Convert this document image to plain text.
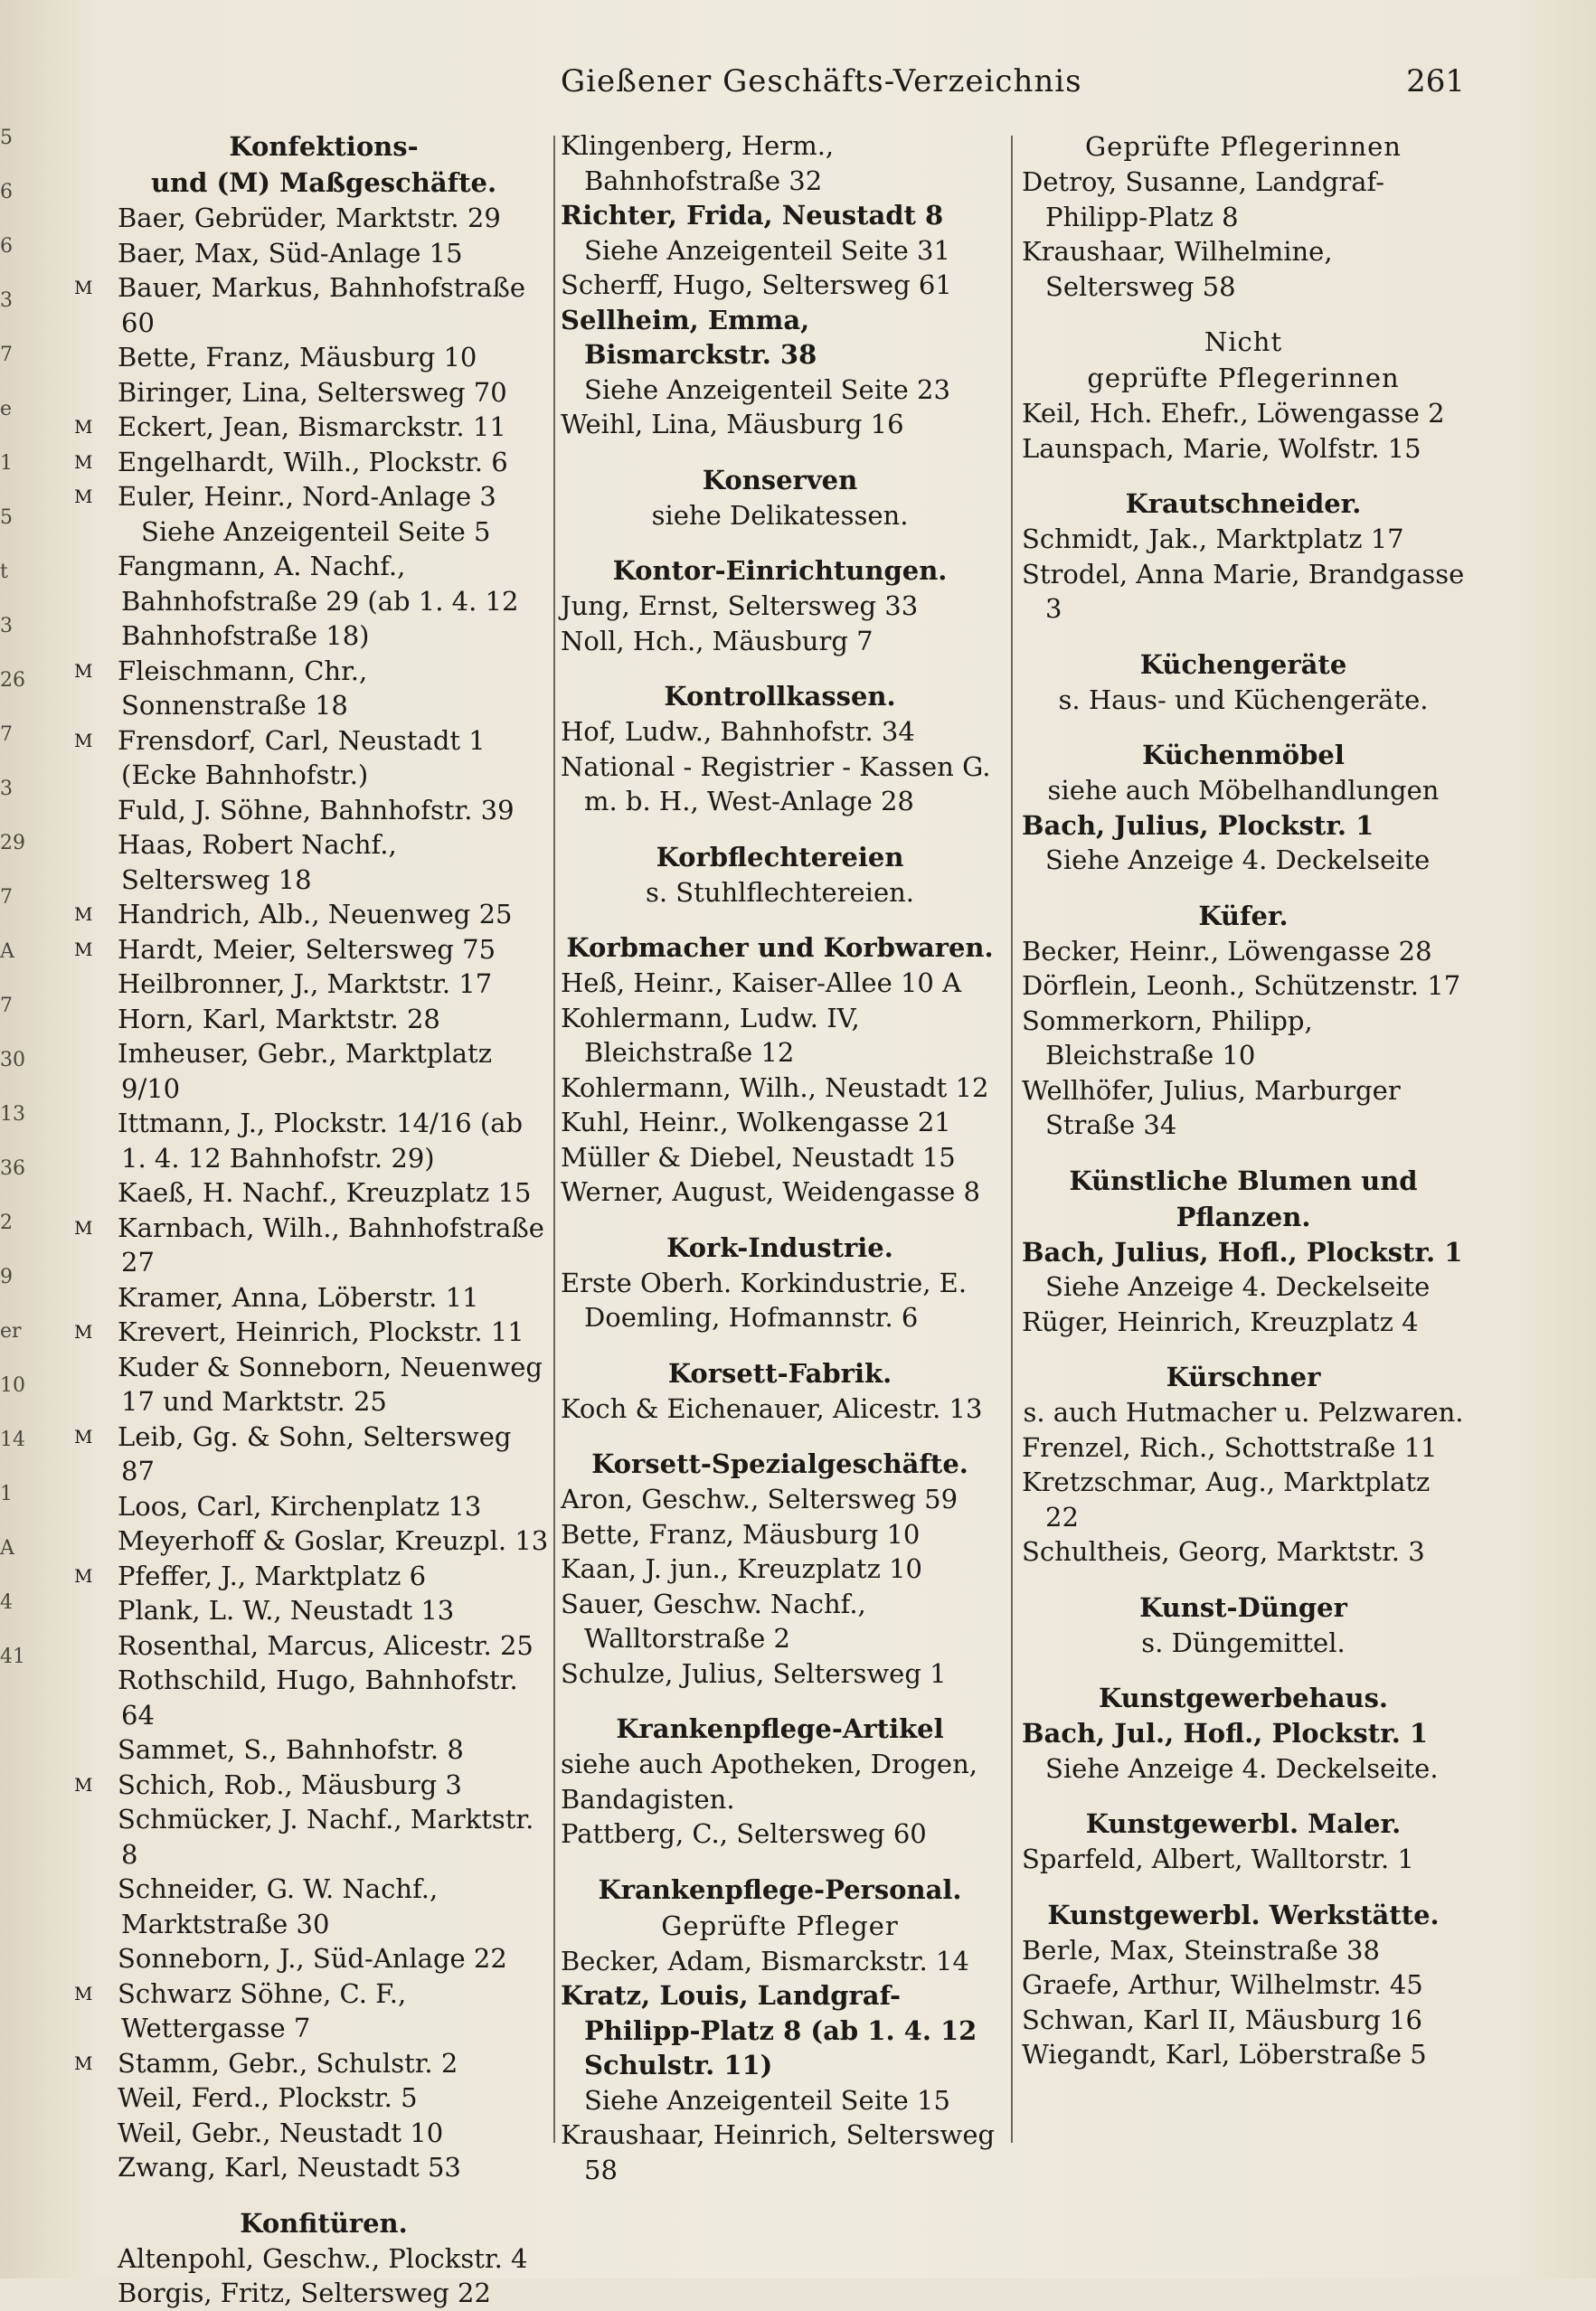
5
6
6
3
7
e
1
5
t
3
26
7
3
29
7
A
7
30
13
36
2
9
er
10
14
1
A
4
41
Gießener Geschäfts-Verzeichnis	261
Konfektions-
und (M) Maßgeschäfte.
Baer, Gebrüder, Marktstr. 29
Baer, Max, Süd-Anlage 15
M Bauer, Markus, Bahnhofstraße 60
Bette, Franz, Mäusburg 10
Biringer, Lina, Seltersweg 70
M Eckert, Jean, Bismarckstr. 11
M Engelhardt, Wilh., Plockstr. 6
M Euler, Heinr., Nord-Anlage 3
Siehe Anzeigenteil Seite 5
Fangmann, A. Nachf., Bahnhofstraße 29 (ab 1. 4. 12 Bahnhofstraße 18)
M Fleischmann, Chr., Sonnenstraße 18
M Frensdorf, Carl, Neustadt 1 (Ecke Bahnhofstr.)
Fuld, J. Söhne, Bahnhofstr. 39
Haas, Robert Nachf., Seltersweg 18
M Handrich, Alb., Neuenweg 25
M Hardt, Meier, Seltersweg 75
Heilbronner, J., Marktstr. 17
Horn, Karl, Marktstr. 28
Imheuser, Gebr., Marktplatz 9/10
Ittmann, J., Plockstr. 14/16 (ab 1. 4. 12 Bahnhofstr. 29)
Kaeß, H. Nachf., Kreuzplatz 15
M Karnbach, Wilh., Bahnhofstraße 27
Kramer, Anna, Löberstr. 11
M Krevert, Heinrich, Plockstr. 11
Kuder & Sonneborn, Neuenweg 17 und Marktstr. 25
M Leib, Gg. & Sohn, Seltersweg 87
Loos, Carl, Kirchenplatz 13
Meyerhoff & Goslar, Kreuzpl. 13
M Pfeffer, J., Marktplatz 6
Plank, L. W., Neustadt 13
Rosenthal, Marcus, Alicestr. 25
Rothschild, Hugo, Bahnhofstr. 64
Sammet, S., Bahnhofstr. 8
M Schich, Rob., Mäusburg 3
Schmücker, J. Nachf., Marktstr. 8
Schneider, G. W. Nachf., Marktstraße 30
Sonneborn, J., Süd-Anlage 22
M Schwarz Söhne, C. F., Wettergasse 7
M Stamm, Gebr., Schulstr. 2
Weil, Ferd., Plockstr. 5
Weil, Gebr., Neustadt 10
Zwang, Karl, Neustadt 53
Konfitüren.
Altenpohl, Geschw., Plockstr. 4
Borgis, Fritz, Seltersweg 22
Klingenberg, Herm., Bahnhofstraße 32
Richter, Frida, Neustadt 8
Siehe Anzeigenteil Seite 31
Scherff, Hugo, Seltersweg 61
Sellheim, Emma, Bismarckstr. 38
Siehe Anzeigenteil Seite 23
Weihl, Lina, Mäusburg 16
Konserven
siehe Delikatessen.
Kontor-Einrichtungen.
Jung, Ernst, Seltersweg 33
Noll, Hch., Mäusburg 7
Kontrollkassen.
Hof, Ludw., Bahnhofstr. 34
National - Registrier - Kassen G. m. b. H., West-Anlage 28
Korbflechtereien
s. Stuhlflechtereien.
Korbmacher und Korbwaren.
Heß, Heinr., Kaiser-Allee 10 A
Kohlermann, Ludw. IV, Bleichstraße 12
Kohlermann, Wilh., Neustadt 12
Kuhl, Heinr., Wolkengasse 21
Müller & Diebel, Neustadt 15
Werner, August, Weidengasse 8
Kork-Industrie.
Erste Oberh. Korkindustrie, E. Doemling, Hofmannstr. 6
Korsett-Fabrik.
Koch & Eichenauer, Alicestr. 13
Korsett-Spezialgeschäfte.
Aron, Geschw., Seltersweg 59
Bette, Franz, Mäusburg 10
Kaan, J. jun., Kreuzplatz 10
Sauer, Geschw. Nachf., Walltorstraße 2
Schulze, Julius, Seltersweg 1
Krankenpflege-Artikel
siehe auch Apotheken, Drogen, Bandagisten.
Pattberg, C., Seltersweg 60
Krankenpflege-Personal.
Geprüfte Pfleger
Becker, Adam, Bismarckstr. 14
Kratz, Louis, Landgraf-Philipp-Platz 8 (ab 1. 4. 12 Schulstr. 11)
Siehe Anzeigenteil Seite 15
Kraushaar, Heinrich, Seltersweg 58
Geprüfte Pflegerinnen
Detroy, Susanne, Landgraf-Philipp-Platz 8
Kraushaar, Wilhelmine, Seltersweg 58
Nicht
geprüfte Pflegerinnen
Keil, Hch. Ehefr., Löwengasse 2
Launspach, Marie, Wolfstr. 15
Krautschneider.
Schmidt, Jak., Marktplatz 17
Strodel, Anna Marie, Brandgasse 3
Küchengeräte
s. Haus- und Küchengeräte.
Küchenmöbel
siehe auch Möbelhandlungen
Bach, Julius, Plockstr. 1
Siehe Anzeige 4. Deckelseite
Küfer.
Becker, Heinr., Löwengasse 28
Dörflein, Leonh., Schützenstr. 17
Sommerkorn, Philipp, Bleichstraße 10
Wellhöfer, Julius, Marburger Straße 34
Künstliche Blumen und
Pflanzen.
Bach, Julius, Hofl., Plockstr. 1
Siehe Anzeige 4. Deckelseite
Rüger, Heinrich, Kreuzplatz 4
Kürschner
s. auch Hutmacher u. Pelzwaren.
Frenzel, Rich., Schottstraße 11
Kretzschmar, Aug., Marktplatz 22
Schultheis, Georg, Marktstr. 3
Kunst-Dünger
s. Düngemittel.
Kunstgewerbehaus.
Bach, Jul., Hofl., Plockstr. 1
Siehe Anzeige 4. Deckelseite.
Kunstgewerbl. Maler.
Sparfeld, Albert, Walltorstr. 1
Kunstgewerbl. Werkstätte.
Berle, Max, Steinstraße 38
Graefe, Arthur, Wilhelmstr. 45
Schwan, Karl II, Mäusburg 16
Wiegandt, Karl, Löberstraße 5
